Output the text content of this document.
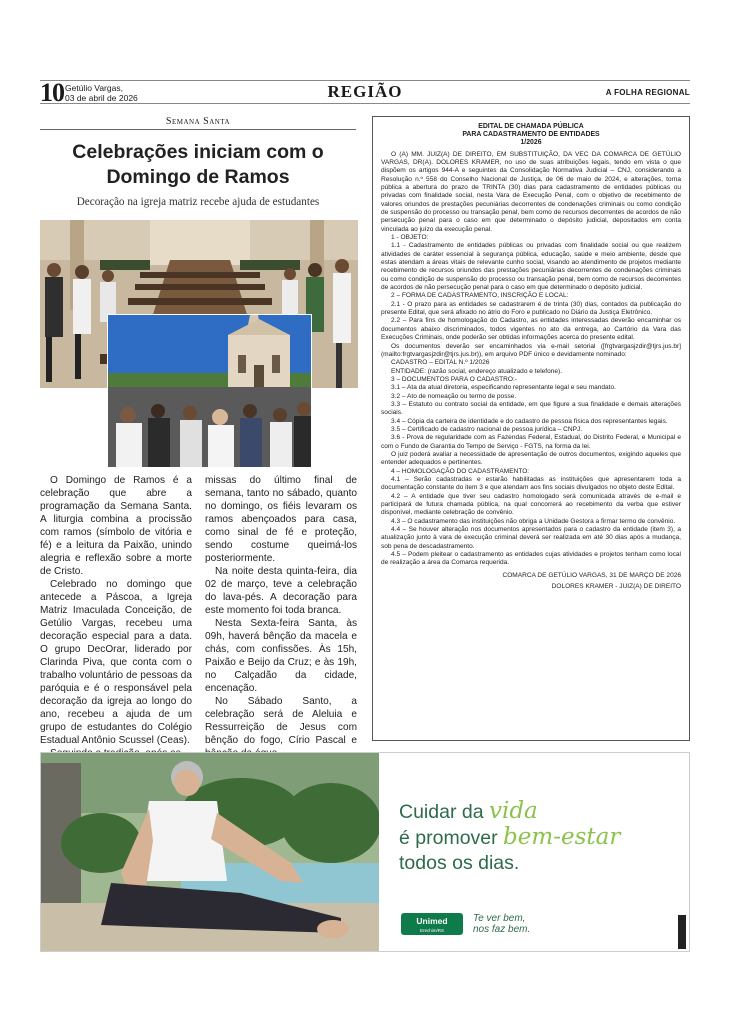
10 Getúlio Vargas,
03 de abril de 2026	REGIÃO	A FOLHA REGIONAL
Semana Santa
Celebrações iniciam com o Domingo de Ramos
Decoração na igreja matriz recebe ajuda de estudantes

O Domingo de Ramos é a celebração que abre a programação da Semana Santa. A liturgia combina a procissão com ramos (símbolo de vitória e fé) e a leitura da Paixão, unindo alegria e reflexão sobre a morte de Cristo.

Celebrado no domingo que antecede a Páscoa, a Igreja Matriz Imaculada Conceição, de Getúlio Vargas, recebeu uma decoração especial para a data. O grupo DecOrar, liderado por Clarinda Piva, que conta com o trabalho voluntário de pessoas da paróquia e é o responsável pela decoração da igreja ao longo do ano, recebeu a ajuda de um grupo de estudantes do Colégio Estadual Antônio Scussel (Ceas).

missas do último final de semana, tanto no sábado, quanto no domingo, os fiéis levaram os ramos abençoados para casa, como sinal de fé e proteção, sendo costume queimá-los posteriormente.

Na noite desta quinta-feira, dia 02 de março, teve a celebração do lava-pés. A decoração para este momento foi toda branca.

Nesta Sexta-feira Santa, às 09h, haverá bênção da macela e chás, com confissões. Às 15h, Paixão e Beijo da Cruz; e às 19h, no Calçadão da cidade, encenação.

No Sábado Santo, a celebração será de Aleluia e Ressurreição de Jesus com bênção do fogo, Círio Pascal e

EDITAL DE CHAMADA PÚBLICA
PARA CADASTRAMENTO DE ENTIDADES
1/2026

O (A) MM. JUIZ(A) DE DIREITO, EM SUBSTITUIÇÃO, DA VEC DA COMARCA DE GETÚLIO VARGAS, DR(A). DOLORES KRAMER, no uso de suas atribuições legais, tendo em vista o que dispõem os artigos 944-A e seguintes da Consolidação Normativa Judicial – CNJ, considerando a Resolução n.º 558 do Conselho Nacional de Justiça, de 06 de maio de 2024, e alterações, torna pública a abertura do prazo de TRINTA (30) dias para cadastramento de entidades públicas ou privadas com finalidade social, nesta Vara de Execução Penal, com o objetivo de recebimento de valores oriundos de prestações pecuniárias decorrentes de condenações criminais ou como condição de suspensão do processo ou transação penal, bem como de recursos decorrentes de acordos de não persecução penal para o caso em que determinado o depósito judicial, depositados em conta vinculada ao juízo da execução penal.

1 - OBJETO:

1.1 - Cadastramento de entidades públicas ou privadas com finalidade social ou que realizem atividades de caráter essencial à segurança pública, educação, saúde e meio ambiente, desde que estas atendam a áreas vitais de relevante cunho social, visando ao atendimento de projetos mediante recebimento de recursos oriundos das prestações pecuniárias decorrentes de condenações criminais ou como condição de suspensão do processo ou transação penal, bem como de recursos decorrentes de acordos de não persecução penal para o caso em que determinado o depósito judicial.

2 – FORMA DE CADASTRAMENTO, INSCRIÇÃO E LOCAL:

2.1 - O prazo para as entidades se cadastrarem é de trinta (30) dias, contados da publicação do presente Edital, que será afixado no átrio do Foro e publicado no Diário da Justiça Eletrônico.

2.2 – Para fins de homologação do Cadastro, as entidades interessadas deverão encaminhar os documentos abaixo discriminados, todos vigentes no ato da entrega, ao Cartório da Vara das Execuções Criminais, onde poderão ser obtidas informações acerca do presente edital.

Os documentos deverão ser encaminhados via e-mail setorial ([frgtvargasjzdir@tjrs.jus.br](mailto:frgtvargasjzdir@tjrs.jus.br)), em arquivo PDF único e devidamente nominado:

CADASTRO – EDITAL N.º 1/2026

ENTIDADE: (razão social, endereço atualizado e telefone).

3 – DOCUMENTOS PARA O CADASTRO:-

3.1 – Ata da atual diretoria, especificando representante legal e seu mandato.

3.2 – Ato de nomeação ou termo de posse.

3.3 – Estatuto ou contrato social da entidade, em que figure a sua finalidade e demais alterações sociais.

3.4 – Cópia da carteira de identidade e do cadastro de pessoa física dos representantes legais.

3.5 – Certificado de cadastro nacional de pessoa jurídica – CNPJ.

3.6 - Prova de regularidade com as Fazendas Federal, Estadual, do Distrito Federal, e Municipal e com o Fundo de Garantia do Tempo de Serviço - FGTS, na forma da lei.

O juiz poderá avaliar a necessidade de apresentação de outros documentos, exigindo aqueles que entender adequados e pertinentes.

4 – HOMOLOGAÇÃO DO CADASTRAMENTO:

4.1 – Serão cadastradas e estarão habilitadas as instituições que apresentarem toda a documentação constante do item 3 e que atendam aos fins sociais divulgados no objeto deste Edital.

4.2 – A entidade que tiver seu cadastro homologado será comunicada através de e-mail e participará de futura chamada pública, na qual concorrerá ao recebimento da verba que estiver disponível, mediante celebração de convênio.

4.3 – O cadastramento das instituições não obriga a Unidade Gestora a firmar termo de convênio.

4.4 – Se houver alteração nos documentos apresentados para o cadastro da entidade (item 3), a atualização junto à vara de execução criminal deverá ser realizada em até 30 dias após a mudança, sob pena de descadastramento.

4.5 – Podem pleitear o cadastramento as entidades cujas atividades e projetos tenham como local de realização a área da Comarca requerida.

COMARCA DE GETÚLIO VARGAS, 31 DE MARÇO DE 2026
DOLORES KRAMER - JUIZ(A) DE DIREITO
Cuidar da vida
é promover bem-estar
todos os dias.
Unimed
Erechim/RS
Te ver bem,
nos faz bem.
